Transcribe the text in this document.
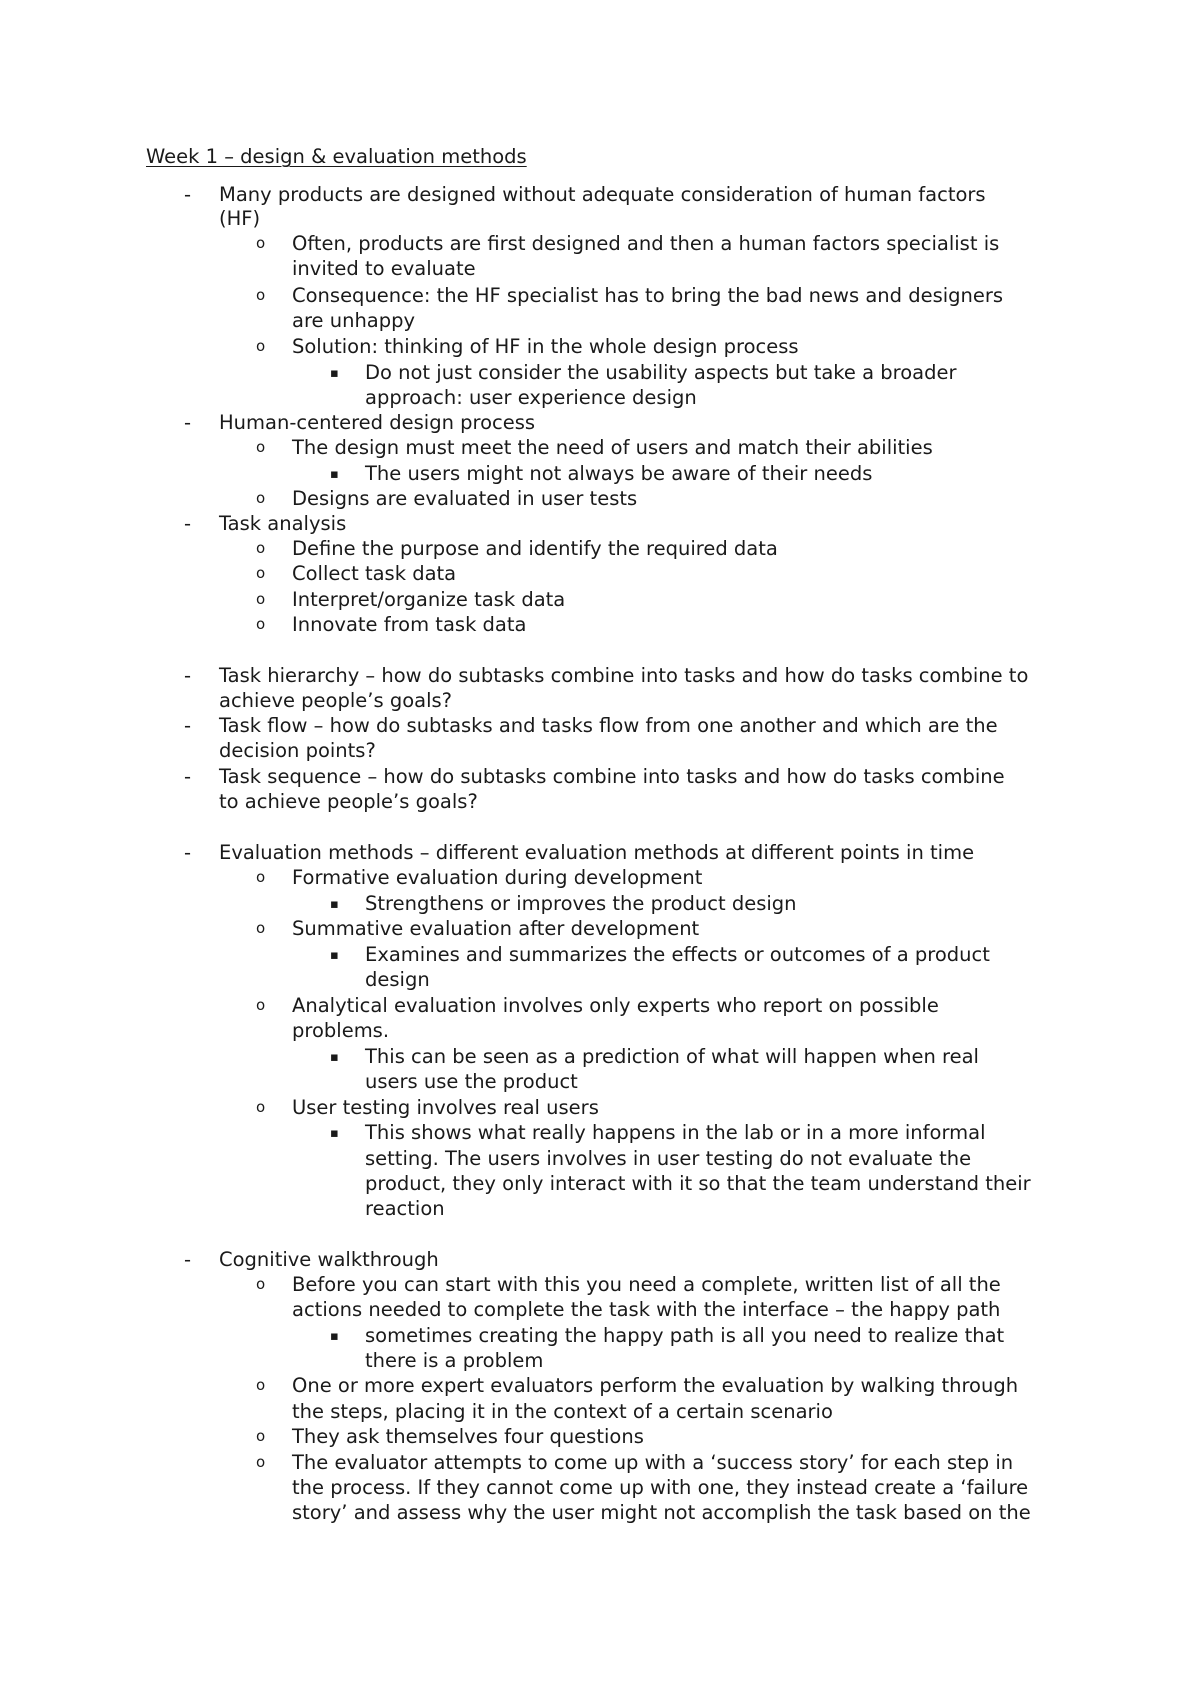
Week 1 – design & evaluation methods
- Many products are designed without adequate consideration of human factors
(HF)
o Often, products are first designed and then a human factors specialist is
invited to evaluate
o Consequence: the HF specialist has to bring the bad news and designers
are unhappy
o Solution: thinking of HF in the whole design process
▪ Do not just consider the usability aspects but take a broader
approach: user experience design
- Human-centered design process
o The design must meet the need of users and match their abilities
▪ The users might not always be aware of their needs
o Designs are evaluated in user tests
- Task analysis
o Define the purpose and identify the required data
o Collect task data
o Interpret/organize task data
o Innovate from task data
- Task hierarchy – how do subtasks combine into tasks and how do tasks combine to
achieve people’s goals?
- Task flow – how do subtasks and tasks flow from one another and which are the
decision points?
- Task sequence – how do subtasks combine into tasks and how do tasks combine
to achieve people’s goals?
- Evaluation methods – different evaluation methods at different points in time
o Formative evaluation during development
▪ Strengthens or improves the product design
o Summative evaluation after development
▪ Examines and summarizes the effects or outcomes of a product
design
o Analytical evaluation involves only experts who report on possible
problems.
▪ This can be seen as a prediction of what will happen when real
users use the product
o User testing involves real users
▪ This shows what really happens in the lab or in a more informal
setting. The users involves in user testing do not evaluate the
product, they only interact with it so that the team understand their
reaction
- Cognitive walkthrough
o Before you can start with this you need a complete, written list of all the
actions needed to complete the task with the interface – the happy path
▪ sometimes creating the happy path is all you need to realize that
there is a problem
o One or more expert evaluators perform the evaluation by walking through
the steps, placing it in the context of a certain scenario
o They ask themselves four questions
o The evaluator attempts to come up with a ‘success story’ for each step in
the process. If they cannot come up with one, they instead create a ‘failure
story’ and assess why the user might not accomplish the task based on the
